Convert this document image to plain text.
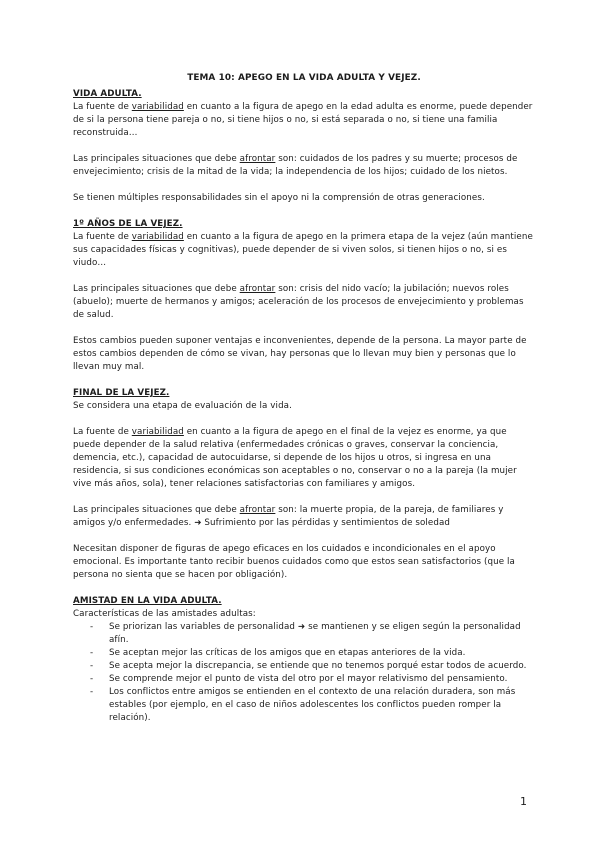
TEMA 10: APEGO EN LA VIDA ADULTA Y VEJEZ.

VIDA ADULTA.

La fuente de variabilidad en cuanto a la figura de apego en la edad adulta es enorme, puede depender de si la persona tiene pareja o no, si tiene hijos o no, si está separada o no, si tiene una familia reconstruida…

Las principales situaciones que debe afrontar son: cuidados de los padres y su muerte; procesos de envejecimiento; crisis de la mitad de la vida; la independencia de los hijos; cuidado de los nietos.

Se tienen múltiples responsabilidades sin el apoyo ni la comprensión de otras generaciones.

1º AÑOS DE LA VEJEZ.

La fuente de variabilidad en cuanto a la figura de apego en la primera etapa de la vejez (aún mantiene sus capacidades físicas y cognitivas), puede depender de si viven solos, si tienen hijos o no, si es viudo…

Las principales situaciones que debe afrontar son: crisis del nido vacío; la jubilación; nuevos roles (abuelo); muerte de hermanos y amigos; aceleración de los procesos de envejecimiento y problemas de salud.

Estos cambios pueden suponer ventajas e inconvenientes, depende de la persona. La mayor parte de estos cambios dependen de cómo se vivan, hay personas que lo llevan muy bien y personas que lo llevan muy mal.

FINAL DE LA VEJEZ.

Se considera una etapa de evaluación de la vida.

La fuente de variabilidad en cuanto a la figura de apego en el final de la vejez es enorme, ya que puede depender de la salud relativa (enfermedades crónicas o graves, conservar la conciencia, demencia, etc.), capacidad de autocuidarse, si depende de los hijos u otros, si ingresa en una residencia, si sus condiciones económicas son aceptables o no, conservar o no a la pareja (la mujer vive más años, sola), tener relaciones satisfactorias con familiares y amigos.

Las principales situaciones que debe afrontar son: la muerte propia, de la pareja, de familiares y amigos y/o enfermedades. ➜ Sufrimiento por las pérdidas y sentimientos de soledad

Necesitan disponer de figuras de apego eficaces en los cuidados e incondicionales en el apoyo emocional. Es importante tanto recibir buenos cuidados como que estos sean satisfactorios (que la persona no sienta que se hacen por obligación).

AMISTAD EN LA VIDA ADULTA.

Características de las amistades adultas:

- Se priorizan las variables de personalidad ➜ se mantienen y se eligen según la personalidad afín.
- Se aceptan mejor las críticas de los amigos que en etapas anteriores de la vida.
- Se acepta mejor la discrepancia, se entiende que no tenemos porqué estar todos de acuerdo.
- Se comprende mejor el punto de vista del otro por el mayor relativismo del pensamiento.
- Los conflictos entre amigos se entienden en el contexto de una relación duradera, son más estables (por ejemplo, en el caso de niños adolescentes los conflictos pueden romper la relación).
1
